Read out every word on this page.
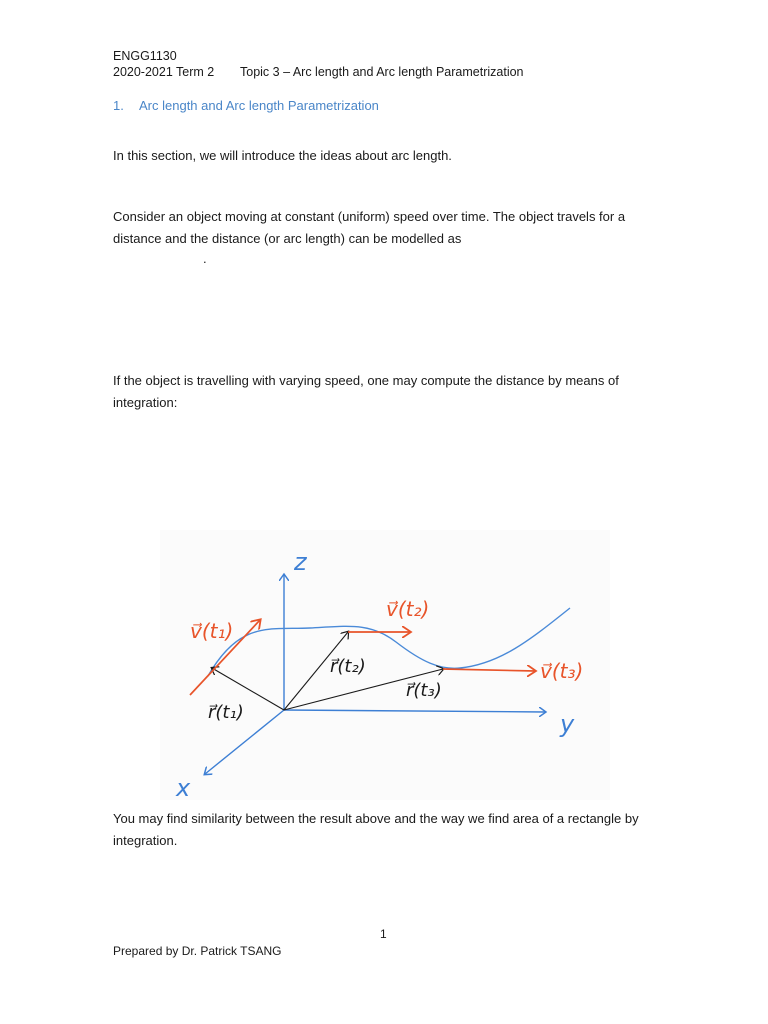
ENGG1130
2020-2021 Term 2 Topic 3 – Arc length and Arc length Parametrization
1. Arc length and Arc length Parametrization
In this section, we will introduce the ideas about arc length.
Consider an object moving at constant (uniform) speed over time. The object travels for a distance and the distance (or arc length) can be modelled as
.
If the object is travelling with varying speed, one may compute the distance by means of integration:
z
y
x
v⃗(t₁)
v⃗(t₂)
v⃗(t₃)
r⃗(t₁)
r⃗(t₂)
r⃗(t₃)
You may find similarity between the result above and the way we find area of a rectangle by integration.
1
Prepared by Dr. Patrick TSANG
